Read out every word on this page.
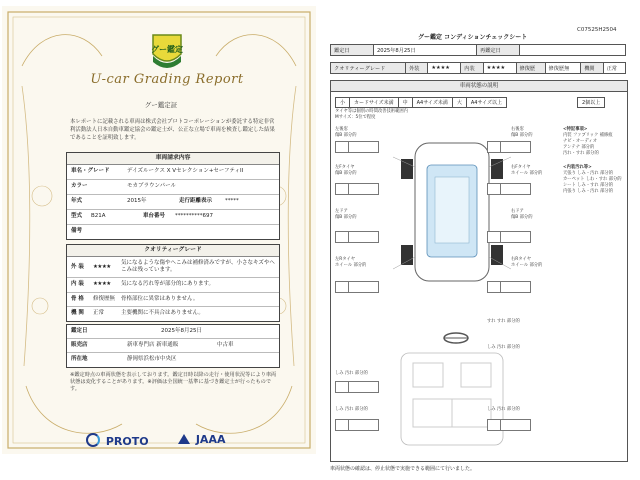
グー鑑定
U-car Grading Report
グー鑑定証
本レポートに記載される車両は株式会社プロトコーポレーションが委託する特定非営利活動法人日本自動車鑑定協会の鑑定士が、公正な立場で車両を検査し鑑定した結果であることを証明致します。
車両請求内容
車名・グレード	デイズルークス X Vセレクション+セーフティII
カラー	モカブラウンパール
年式	2015年	走行距離表示 *****
型式 B21A	車台番号 **********697
備考
クオリティーグレード
外 装 ★★★★
気になるような傷やへこみは補修済みですが、小さなキズやへこみは残っています。
内 装 ★★★★ 気になる汚れ等が部分的にあります。
骨 格 修復歴無 骨格部位に異常はありません。
機 関 正常	主要機関に不具合はありません。
鑑定日	2025年8月25日
販売店	新車専門店 新車通販	中古車
所在地	静岡県浜松市中央区
※鑑定時点の車両状態を表示しております。鑑定日時以降の走行・使用状況等により車両状態は変化することがあります。※評価は全国統一基準に基づき鑑定士が行ったものです。
PROTO	JAAA
C07525H2504
グー鑑定 コンディションチェックシート
鑑定日	2025年8月25日	再鑑定日	
クオリティーグレード	外装	★★★★	内装	★★★★	修復歴	修復歴無	機関	正常
車両状態の説明
小	カードサイズ未満	中	A4サイズ未満	大	A4サイズ以上	2個以上
タイヤ等は個別の時間改善技術範囲内
Mサイズ：5位で程度
左後窓
傷B 部分的
左Fタイヤ
傷B 部分的
左ドア
傷B 部分的
左Rタイヤ
ホイール 部分的
右後窓
傷B 部分的
右Fタイヤ
ホイール 部分的
右ドア
傷B 部分的
右Rタイヤ
ホイール 部分的
<特記事項>
内装 ファブリック 補修痕
ナビ・オーディオ
アンテナ 部分的
汚れ・すれ 部分的
<内装汚れ等>
天張り しみ・汚れ 部分的
カーペット しわ・すれ 部分的
シート しみ・すれ 部分的
内張り しみ・汚れ 部分的
すれ すれ 部分的
しみ 汚れ 部分的
しみ 汚れ 部分的
しみ 汚れ 部分的	しみ 汚れ 部分的
車両状態の確認は、停止状態で実施できる範囲にて行いました。
